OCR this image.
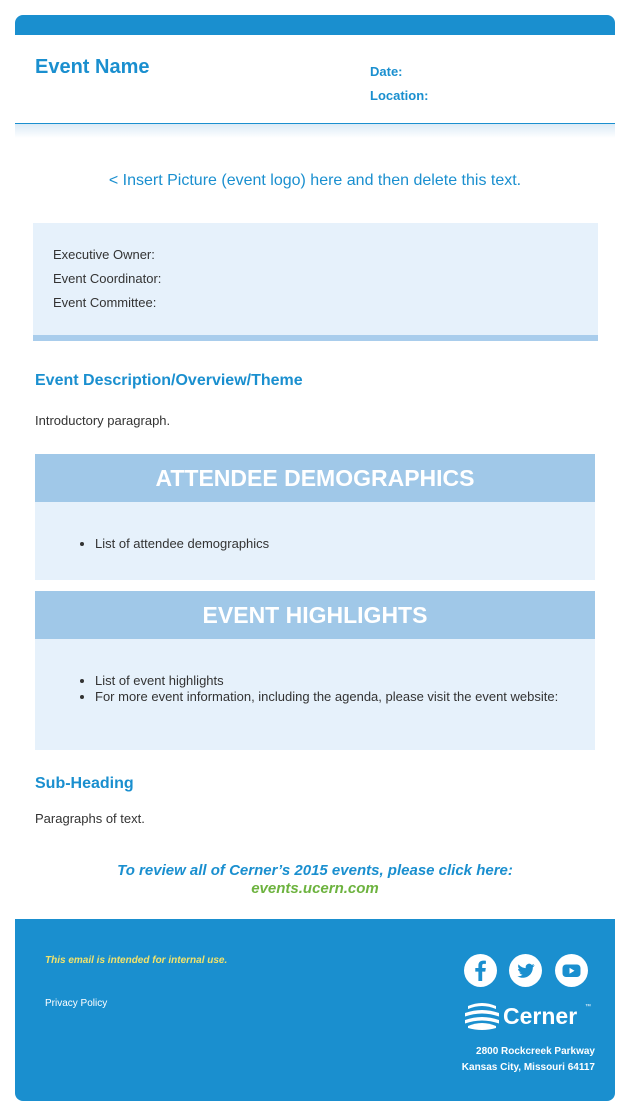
Event Name	Date:
Location:
< Insert Picture (event logo) here and then delete this text.
Executive Owner:
Event Coordinator:
Event Committee:
Event Description/Overview/Theme
Introductory paragraph.
ATTENDEE DEMOGRAPHICS
• List of attendee demographics
EVENT HIGHLIGHTS
• List of event highlights
• For more event information, including the agenda, please visit the event website:
Sub-Heading
Paragraphs of text.
To review all of Cerner’s 2015 events, please click here:
events.ucern.com
This email is intended for internal use.
Privacy Policy	Cerner ™
2800 Rockcreek Parkway
Kansas City, Missouri 64117
